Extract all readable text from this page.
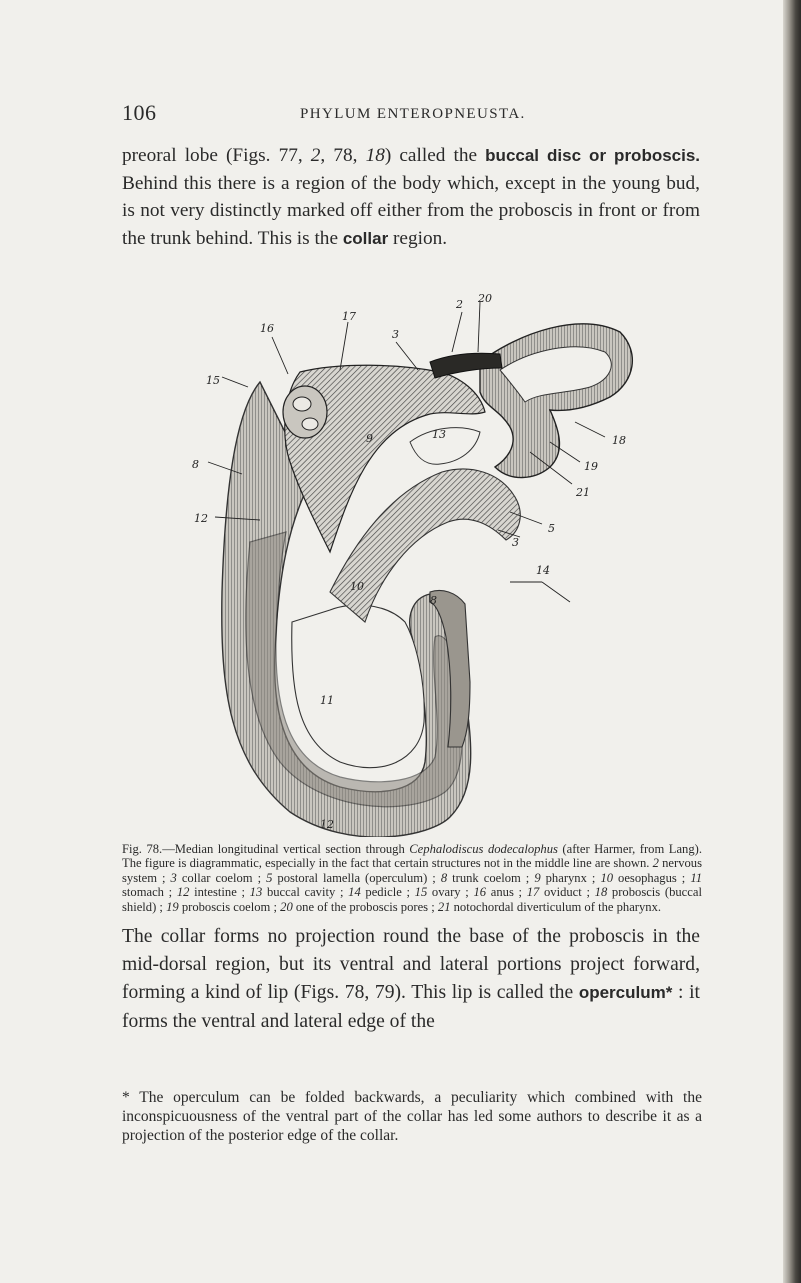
106	PHYLUM ENTEROPNEUSTA.

preoral lobe (Figs. 77, 2, 78, 18) called the buccal disc or proboscis. Behind this there is a region of the body which, except in the young bud, is not very distinctly marked off either from the proboscis in front or from the trunk behind. This is the collar region.

2 20
16
17
3
15
18
19
9	13
8
21
5
12
3
14
10
8
11
12

Fig. 78.—Median longitudinal vertical section through Cephalodiscus dodecalophus (after Harmer, from Lang). The figure is diagrammatic, especially in the fact that certain structures not in the middle line are shown. 2 nervous system ; 3 collar coelom ; 5 postoral lamella (operculum) ; 8 trunk coelom ; 9 pharynx ; 10 oesophagus ; 11 stomach ; 12 intestine ; 13 buccal cavity ; 14 pedicle ; 15 ovary ; 16 anus ; 17 oviduct ; 18 proboscis (buccal shield) ; 19 proboscis coelom ; 20 one of the proboscis pores ; 21 notochordal diverticulum of the pharynx.

The collar forms no projection round the base of the proboscis in the mid-dorsal region, but its ventral and lateral portions project forward, forming a kind of lip (Figs. 78, 79). This lip is called the operculum* : it forms the ventral and lateral edge of the

* The operculum can be folded backwards, a peculiarity which combined with the inconspicuousness of the ventral part of the collar has led some authors to describe it as a projection of the posterior edge of the collar.
